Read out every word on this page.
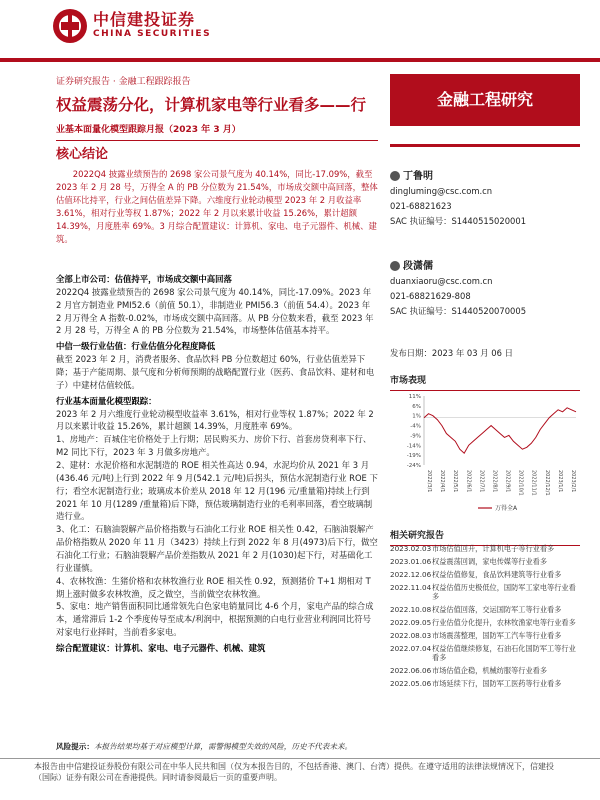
中信建投证券
CHINA SECURITIES
证券研究报告 · 金融工程跟踪报告
权益震荡分化，计算机家电等行业看多——行
业基本面量化模型跟踪月报（2023 年 3 月）
金融工程研究
核心结论

2022Q4 披露业绩预告的 2698 家公司景气度为 40.14%，同比-17.09%，截至 2023 年 2 月 28 号，万得全 A 的 PB 分位数为 21.54%，市场成交额中高回落，整体估值环比持平，行业之间估值差异下降。六维度行业轮动模型 2023 年 2 月收益率 3.61%，相对行业等权 1.87%；2022 年 2 月以来累计收益 15.26%，累计超额 14.39%，月度胜率 69%。3 月综合配置建议：计算机、家电、电子元器件、机械、建筑。

全部上市公司：估值持平，市场成交额中高回落

2022Q4 披露业绩预告的 2698 家公司景气度为 40.14%，同比-17.09%。2023 年 2 月官方制造业 PMI52.6（前值 50.1），非制造业 PMI56.3（前值 54.4）。2023 年 2 月万得全 A 指数-0.02%，市场成交额中高回落。从 PB 分位数来看，截至 2023 年 2 月 28 号，万得全 A 的 PB 分位数为 21.54%，市场整体估值基本持平。

中信一级行业估值：行业估值分化程度降低

截至 2023 年 2 月，消费者服务、食品饮料 PB 分位数超过 60%，行业估值差异下降；基于产能周期、景气度和分析师预期的战略配置行业（医药、食品饮料、建材和电子）中建材估值较低。

行业基本面量化模型跟踪：

2023 年 2 月六维度行业轮动模型收益率 3.61%，相对行业等权 1.87%；2022 年 2 月以来累计收益 15.26%，累计超额 14.39%，月度胜率 69%。

1、房地产：百城住宅价格处于上行期；居民购买力、房价下行、首套房贷利率下行、M2 同比下行，2023 年 3 月做多房地产。

2、建材：水泥价格和水泥制造的 ROE 相关性高达 0.94，水泥均价从 2021 年 3 月(436.46 元/吨)上行到 2022 年 9 月(542.1 元/吨)后拐头，预估水泥制造行业 ROE 下行；看空水泥制造行业；玻璃成本价差从 2018 年 12 月(196 元/重量箱)持续上行到 2021 年 10 月(1289 /重量箱)后下降，预估玻璃制造行业的毛利率回落，看空玻璃制造行业。

3、化工：石脑油裂解产品价格指数与石油化工行业 ROE 相关性 0.42，石脑油裂解产品价格指数从 2020 年 11 月（3423）持续上行到 2022 年 8 月(4973)后下行，做空石油化工行业；石脑油裂解产品价差指数从 2021 年 2 月(1030)起下行，对基础化工行业谨慎。

4、农林牧渔：生猪价格和农林牧渔行业 ROE 相关性 0.92，预测猪价 T+1 期相对 T 期上涨时做多农林牧渔，反之做空，当前做空农林牧渔。

5、家电：地产销售面积同比通常领先白色家电销量同比 4-6 个月，家电产品的综合成本，通常滞后 1-2 个季度传导至成本/利润中，根据预测的白电行业营业利润同比符号对家电行业择时，当前看多家电。

综合配置建议：计算机、家电、电子元器件、机械、建筑

风险提示：本报告结果均基于对应模型计算，需警惕模型失效的风险，历史不代表未来。
丁鲁明
dingluming@csc.com.cn
021-68821623
SAC 执证编号：S1440515020001
段潇儒
duanxiaoru@csc.com.cn
021-68821629-808
SAC 执证编号：S1440520070005
发布日期：2023 年 03 月 06 日
市场表现
11%
6%
1%
-4%
-9%
-14%
-19%
-24%
2022/3/1 2022/4/1 2022/5/1 2022/6/1 2022/7/1 2022/8/1 2022/9/1 2022/10/1 2022/11/1 2022/12/1 2023/1/1 2023/2/1
万得全A
相关研究报告
2023.02.03 市场估值回升，计算机电子等行业看多
2023.01.06 权益震荡回调，家电传媒等行业看多
2022.12.06 权益估值修复，食品饮料建筑等行业看多
2022.11.04 权益估值历史极低位，国防军工家电等行业看多
2022.10.08 权益估值回落，交运国防军工等行业看多
2022.09.05 行业估值分化提升，农林牧渔家电等行业看多
2022.08.03 市场震荡整理，国防军工汽车等行业看多
2022.07.04 权益估值继续修复，石油石化国防军工等行业看多
2022.06.06 市场估值企稳，机械纺服等行业看多
2022.05.06 市场延续下行，国防军工医药等行业看多
本报告由中信建投证券股份有限公司在中华人民共和国（仅为本报告目的，不包括香港、澳门、台湾）提供。在遵守适用的法律法规情况下，信建投（国际）证券有限公司在香港提供。同时请参阅最后一页的重要声明。
